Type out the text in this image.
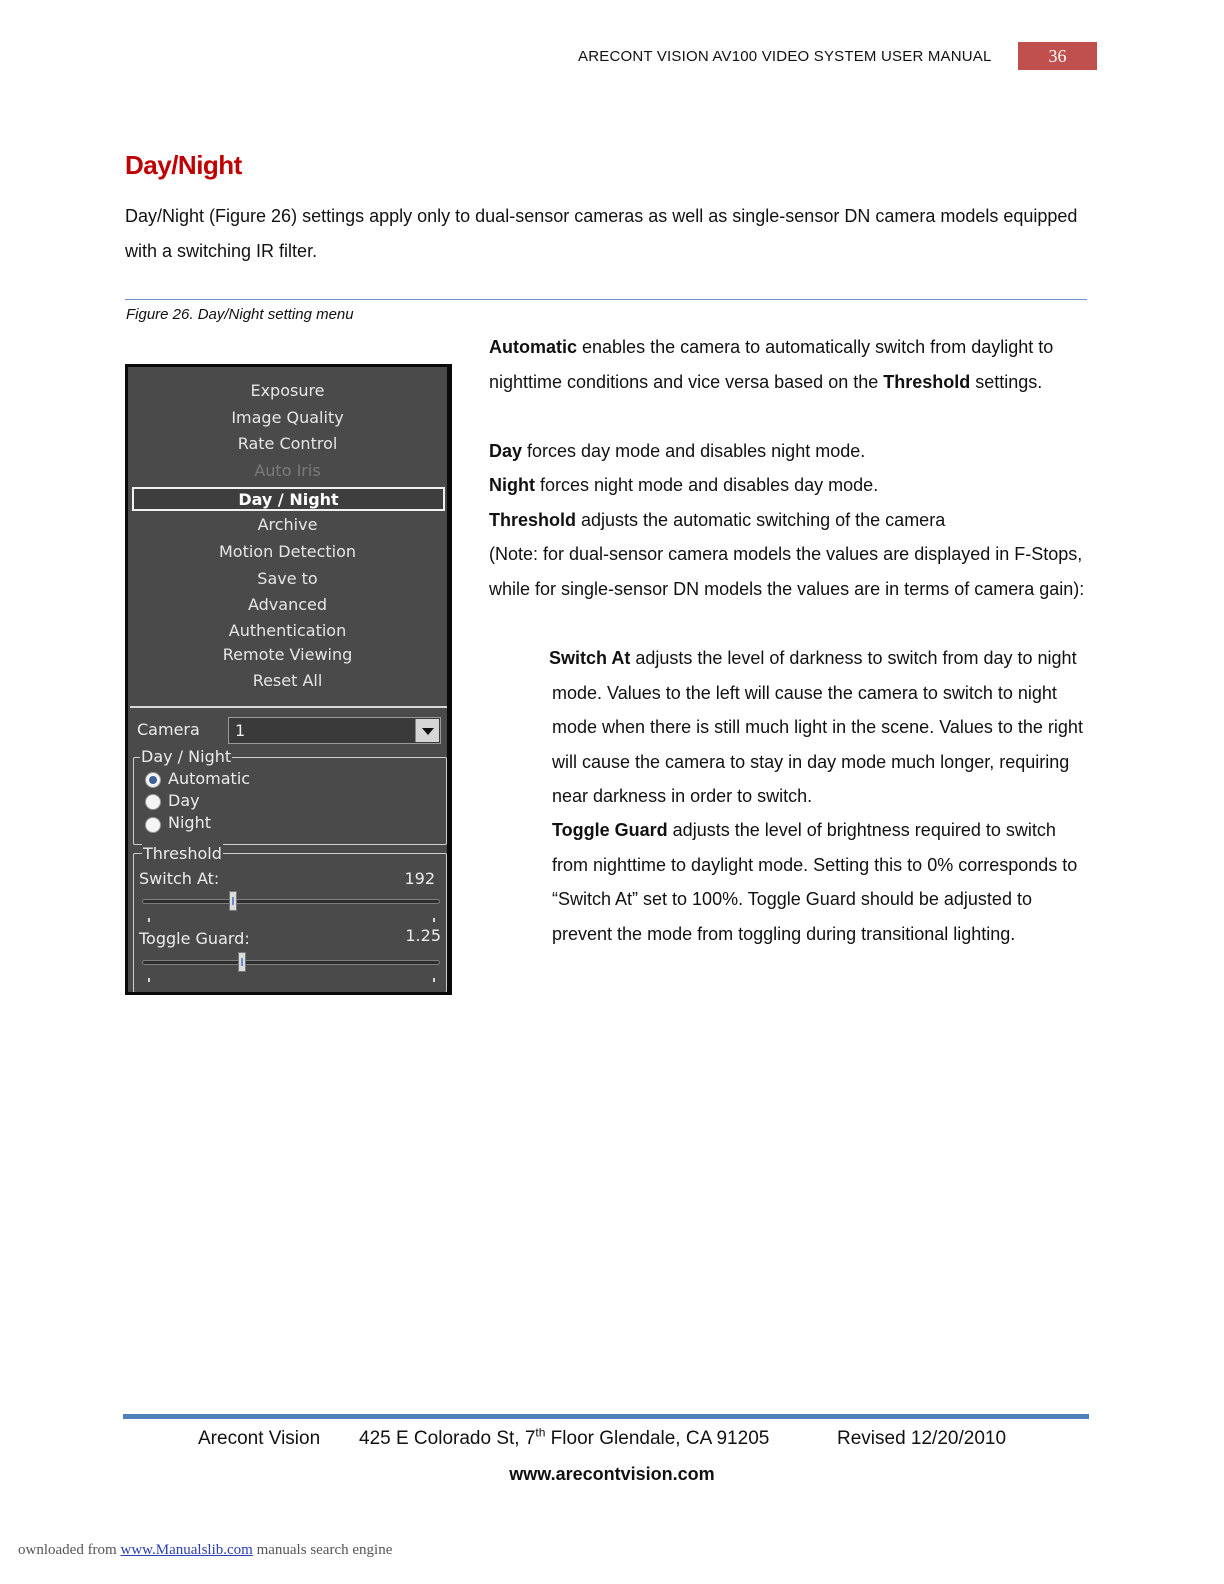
ARECONT VISION AV100 VIDEO SYSTEM USER MANUAL	36
Day/Night
Day/Night (Figure 26) settings apply only to dual-sensor cameras as well as single-sensor DN camera models equipped with a switching IR filter.
Figure 26. Day/Night setting menu
Exposure
Image Quality
Rate Control
Auto Iris
Day / Night
Archive
Motion Detection
Save to
Advanced
Authentication
Remote Viewing
Reset All
Camera 1
Day / Night
Automatic
Day
Night
Threshold
Switch At:	192
Toggle Guard:	1.25
Automatic enables the camera to automatically switch from daylight to nighttime conditions and vice versa based on the Threshold settings.
Day forces day mode and disables night mode.
Night forces night mode and disables day mode.
Threshold adjusts the automatic switching of the camera
(Note: for dual-sensor camera models the values are displayed in F-Stops, while for single-sensor DN models the values are in terms of camera gain):
Switch At adjusts the level of darkness to switch from day to night mode. Values to the left will cause the camera to switch to night mode when there is still much light in the scene. Values to the right will cause the camera to stay in day mode much longer, requiring near darkness in order to switch.
Toggle Guard adjusts the level of brightness required to switch from nighttime to daylight mode. Setting this to 0% corresponds to “Switch At” set to 100%. Toggle Guard should be adjusted to prevent the mode from toggling during transitional lighting.
Arecont Vision 425 E Colorado St, 7th Floor Glendale, CA 91205	Revised 12/20/2010
www.arecontvision.com
ownloaded from www.Manualslib.com manuals search engine
